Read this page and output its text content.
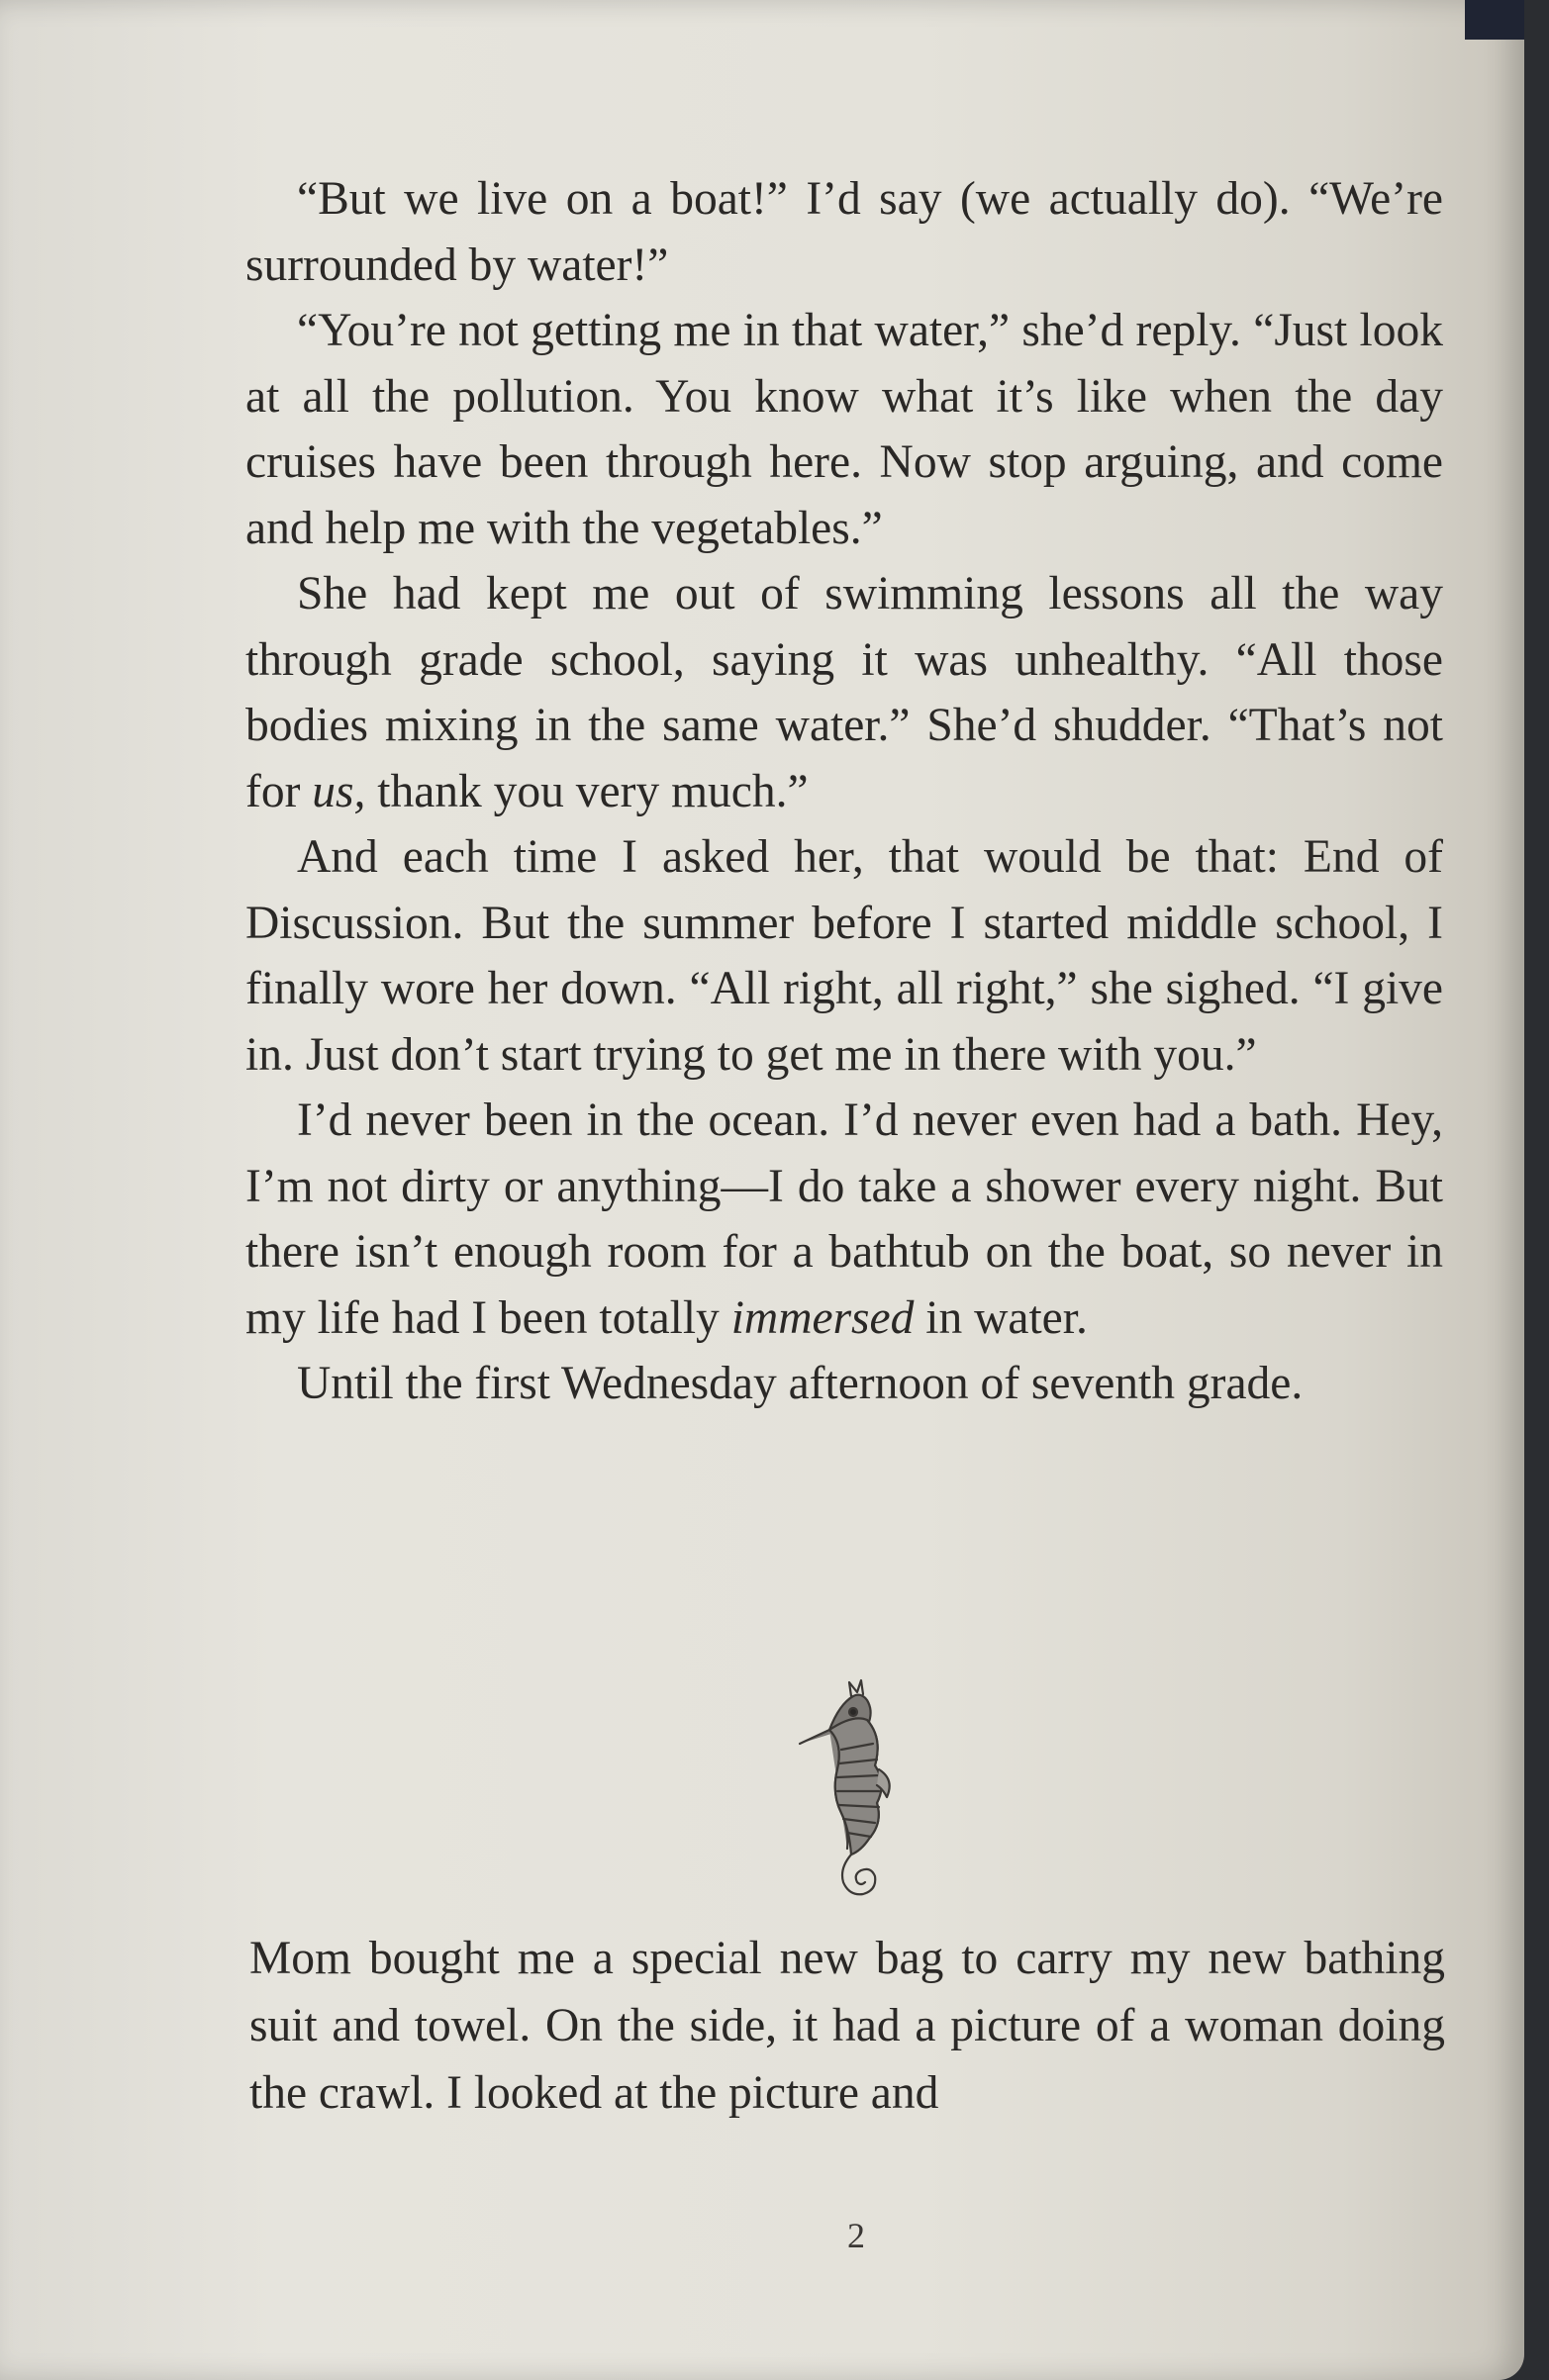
“But we live on a boat!” I’d say (we actually do). “We’re surrounded by water!”

“You’re not getting me in that water,” she’d reply. “Just look at all the pollution. You know what it’s like when the day cruises have been through here. Now stop arguing, and come and help me with the vegetables.”

She had kept me out of swimming lessons all the way through grade school, saying it was unhealthy. “All those bodies mixing in the same water.” She’d shudder. “That’s not for us, thank you very much.”

And each time I asked her, that would be that: End of Discussion. But the summer before I started middle school, I finally wore her down. “All right, all right,” she sighed. “I give in. Just don’t start trying to get me in there with you.”

I’d never been in the ocean. I’d never even had a bath. Hey, I’m not dirty or anything—I do take a shower every night. But there isn’t enough room for a bathtub on the boat, so never in my life had I been totally immersed in water.

Until the first Wednesday afternoon of seventh grade.

Mom bought me a special new bag to carry my new bathing suit and towel. On the side, it had a picture of a woman doing the crawl. I looked at the picture and

2
